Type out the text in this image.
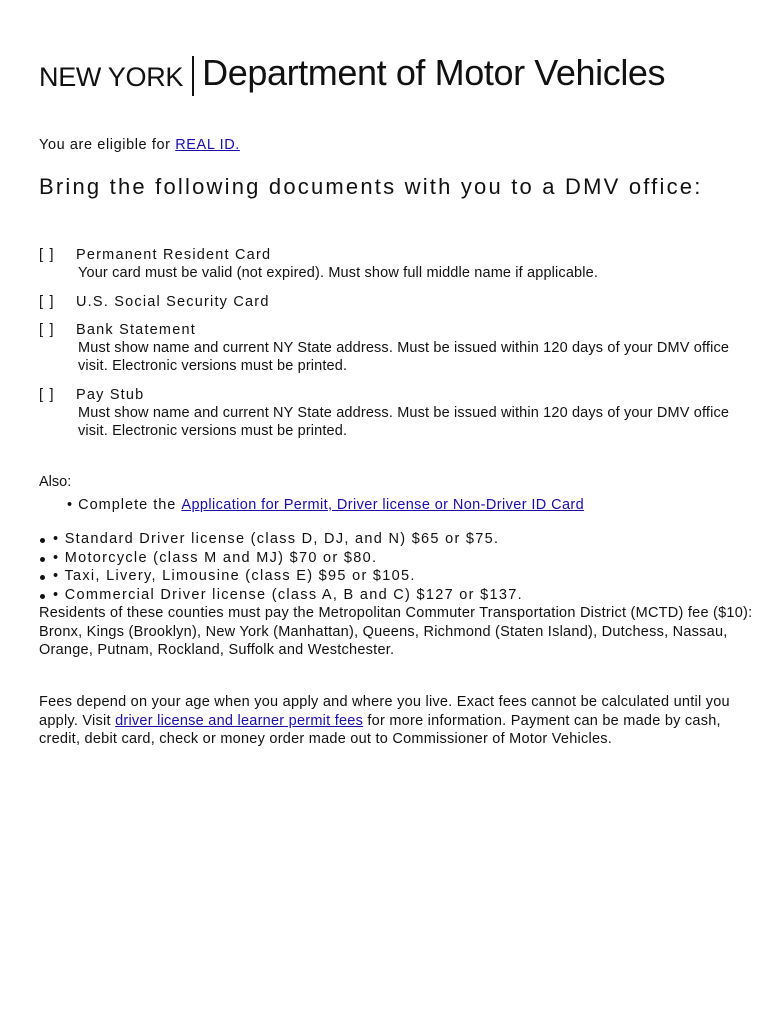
NEW YORK Department of Motor Vehicles
You are eligible for REAL ID.
Bring the following documents with you to a DMV office:
[ ]	Permanent Resident Card
Your card must be valid (not expired). Must show full middle name if applicable.
[ ]	U.S. Social Security Card
[ ]	Bank Statement
Must show name and current NY State address. Must be issued within 120 days of your DMV office visit. Electronic versions must be printed.
[ ]	Pay Stub
Must show name and current NY State address. Must be issued within 120 days of your DMV office visit. Electronic versions must be printed.
Also:
• Complete the Application for Permit, Driver license or Non-Driver ID Card
• Standard Driver license (class D, DJ, and N) $65 or $75.
• Motorcycle (class M and MJ) $70 or $80.
• Taxi, Livery, Limousine (class E) $95 or $105.
• Commercial Driver license (class A, B and C) $127 or $137.
Residents of these counties must pay the Metropolitan Commuter Transportation District (MCTD) fee ($10): Bronx, Kings (Brooklyn), New York (Manhattan), Queens, Richmond (Staten Island), Dutchess, Nassau, Orange, Putnam, Rockland, Suffolk and Westchester.
Fees depend on your age when you apply and where you live. Exact fees cannot be calculated until you apply. Visit driver license and learner permit fees for more information. Payment can be made by cash, credit, debit card, check or money order made out to Commissioner of Motor Vehicles.
